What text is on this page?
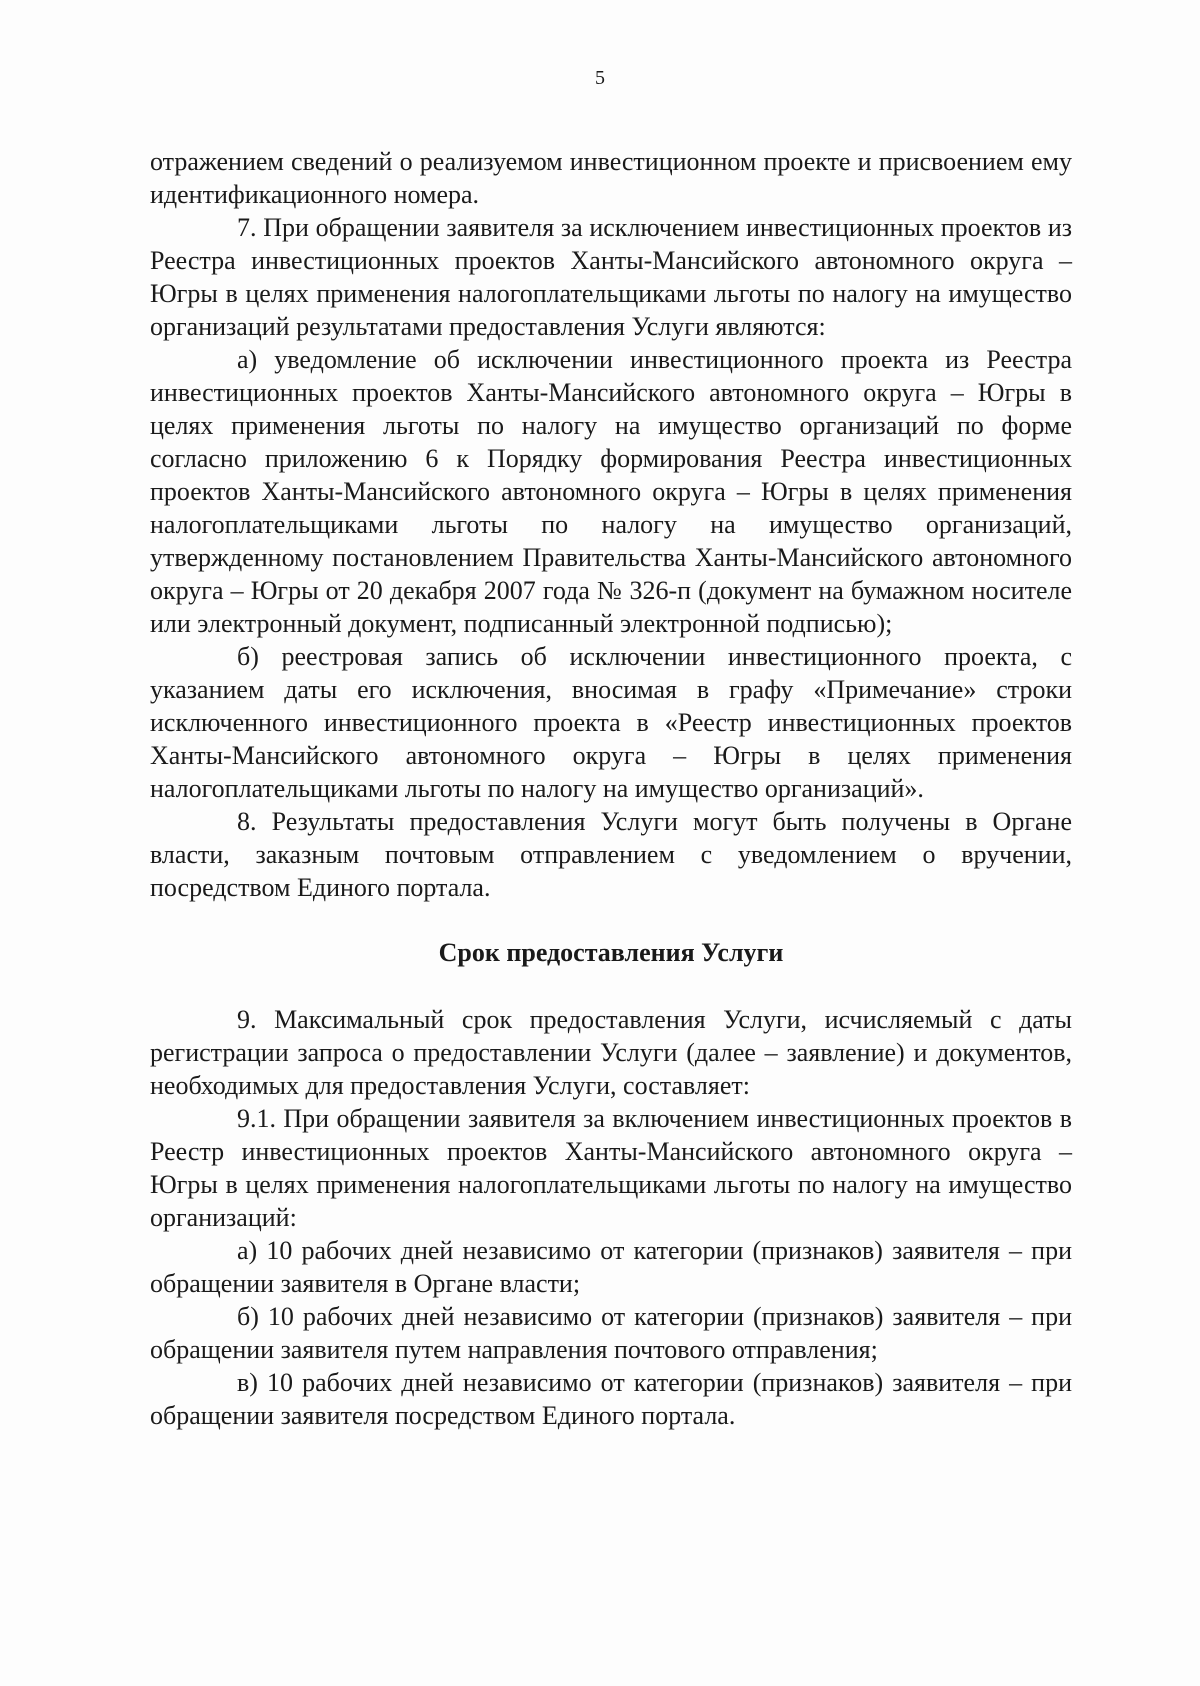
5

отражением сведений о реализуемом инвестиционном проекте и присвоением ему идентификационного номера.

7. При обращении заявителя за исключением инвестиционных проектов из Реестра инвестиционных проектов Ханты-Мансийского автономного округа – Югры в целях применения налогоплательщиками льготы по налогу на имущество организаций результатами предоставления Услуги являются:

а) уведомление об исключении инвестиционного проекта из Реестра инвестиционных проектов Ханты-Мансийского автономного округа – Югры в целях применения льготы по налогу на имущество организаций по форме согласно приложению 6 к Порядку формирования Реестра инвестиционных проектов Ханты-Мансийского автономного округа – Югры в целях применения налогоплательщиками льготы по налогу на имущество организаций, утвержденному постановлением Правительства Ханты-Мансийского автономного округа – Югры от 20 декабря 2007 года № 326-п (документ на бумажном носителе или электронный документ, подписанный электронной подписью);

б) реестровая запись об исключении инвестиционного проекта, с указанием даты его исключения, вносимая в графу «Примечание» строки исключенного инвестиционного проекта в «Реестр инвестиционных проектов Ханты-Мансийского автономного округа – Югры в целях применения налогоплательщиками льготы по налогу на имущество организаций».

8. Результаты предоставления Услуги могут быть получены в Органе власти, заказным почтовым отправлением с уведомлением о вручении, посредством Единого портала.

Срок предоставления Услуги

9. Максимальный срок предоставления Услуги, исчисляемый с даты регистрации запроса о предоставлении Услуги (далее – заявление) и документов, необходимых для предоставления Услуги, составляет:

9.1. При обращении заявителя за включением инвестиционных проектов в Реестр инвестиционных проектов Ханты-Мансийского автономного округа – Югры в целях применения налогоплательщиками льготы по налогу на имущество организаций:

а) 10 рабочих дней независимо от категории (признаков) заявителя – при обращении заявителя в Органе власти;

б) 10 рабочих дней независимо от категории (признаков) заявителя – при обращении заявителя путем направления почтового отправления;

в) 10 рабочих дней независимо от категории (признаков) заявителя – при обращении заявителя посредством Единого портала.
